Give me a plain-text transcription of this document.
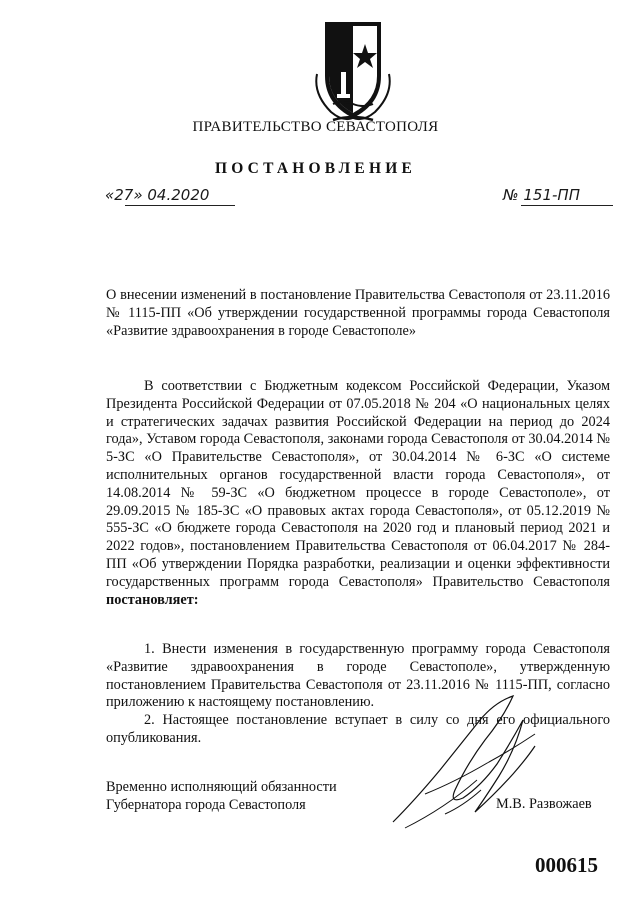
ПРАВИТЕЛЬСТВО СЕВАСТОПОЛЯ
ПОСТАНОВЛЕНИЕ
«27» 04.2020	№ 151-ПП
О внесении изменений в постановление Правительства Севастополя от 23.11.2016 № 1115-ПП «Об утверждении государственной программы города Севастополя «Развитие здравоохранения в городе Севастополе»
В соответствии с Бюджетным кодексом Российской Федерации, Указом Президента Российской Федерации от 07.05.2018 № 204 «О национальных целях и стратегических задачах развития Российской Федерации на период до 2024 года», Уставом города Севастополя, законами города Севастополя от 30.04.2014 № 5-ЗС «О Правительстве Севастополя», от 30.04.2014 № 6-ЗС «О системе исполнительных органов государственной власти города Севастополя», от 14.08.2014 № 59-ЗС «О бюджетном процессе в городе Севастополе», от 29.09.2015 № 185-ЗС «О правовых актах города Севастополя», от 05.12.2019 № 555-ЗС «О бюджете города Севастополя на 2020 год и плановый период 2021 и 2022 годов», постановлением Правительства Севастополя от 06.04.2017 № 284-ПП «Об утверждении Порядка разработки, реализации и оценки эффективности государственных программ города Севастополя» Правительство Севастополя постановляет:
1. Внести изменения в государственную программу города Севастополя «Развитие здравоохранения в городе Севастополе», утвержденную постановлением Правительства Севастополя от 23.11.2016 № 1115-ПП, согласно приложению к настоящему постановлению.
2. Настоящее постановление вступает в силу со дня его официального опубликования.
Временно исполняющий обязанности
Губернатора города Севастополя	М.В. Развожаев
000615
